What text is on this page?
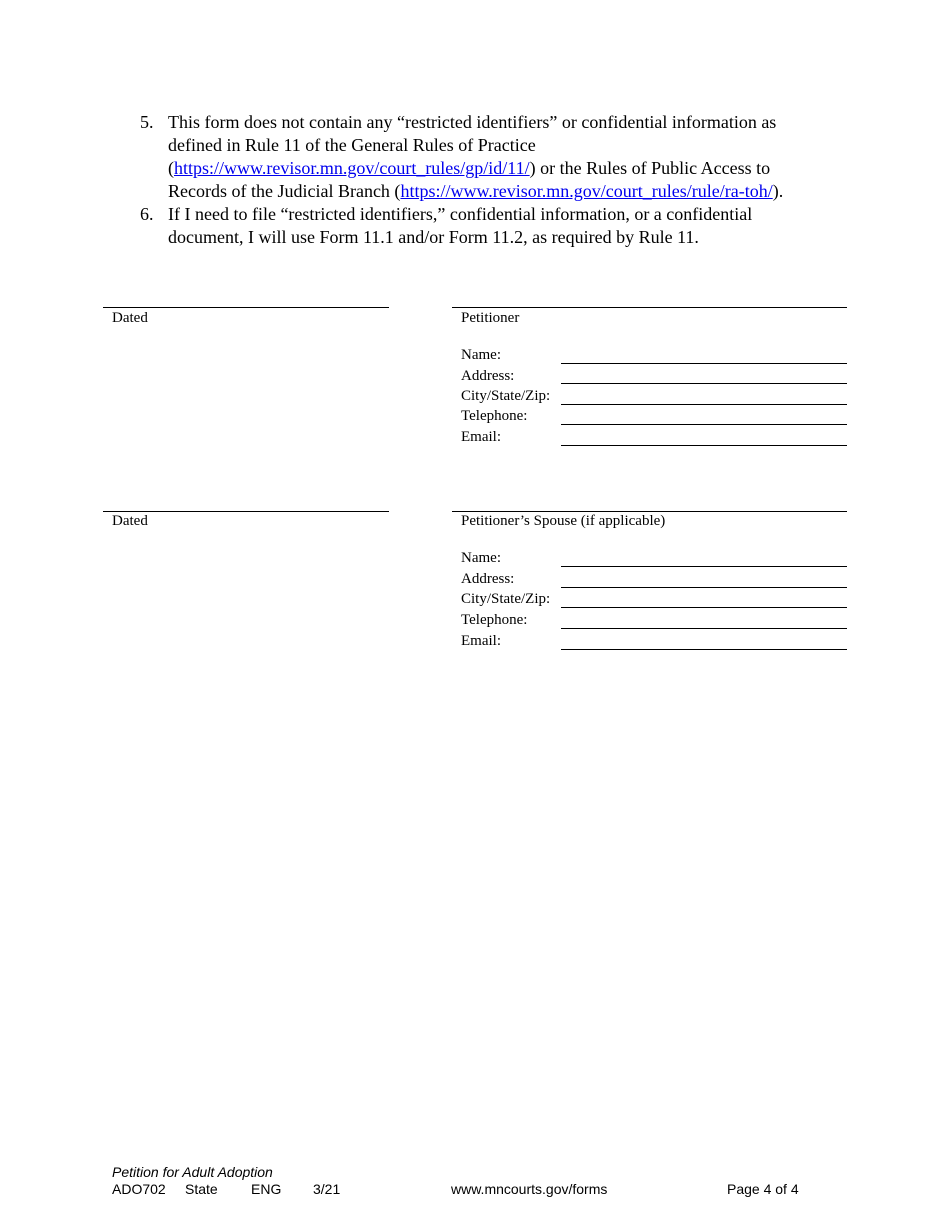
5. This form does not contain any “restricted identifiers” or confidential information as
defined in Rule 11 of the General Rules of Practice
(https://www.revisor.mn.gov/court_rules/gp/id/11/) or the Rules of Public Access to
Records of the Judicial Branch (https://www.revisor.mn.gov/court_rules/rule/ra-toh/).
6. If I need to file “restricted identifiers,” confidential information, or a confidential
document, I will use Form 11.1 and/or Form 11.2, as required by Rule 11.
Dated	Petitioner
Name:
Address:
City/State/Zip:
Telephone:
Email:
Dated	Petitioner’s Spouse (if applicable)
Name:
Address:
City/State/Zip:
Telephone:
Email:
Petition for Adult Adoption
ADO702 State ENG 3/21	www.mncourts.gov/forms	Page 4 of 4
